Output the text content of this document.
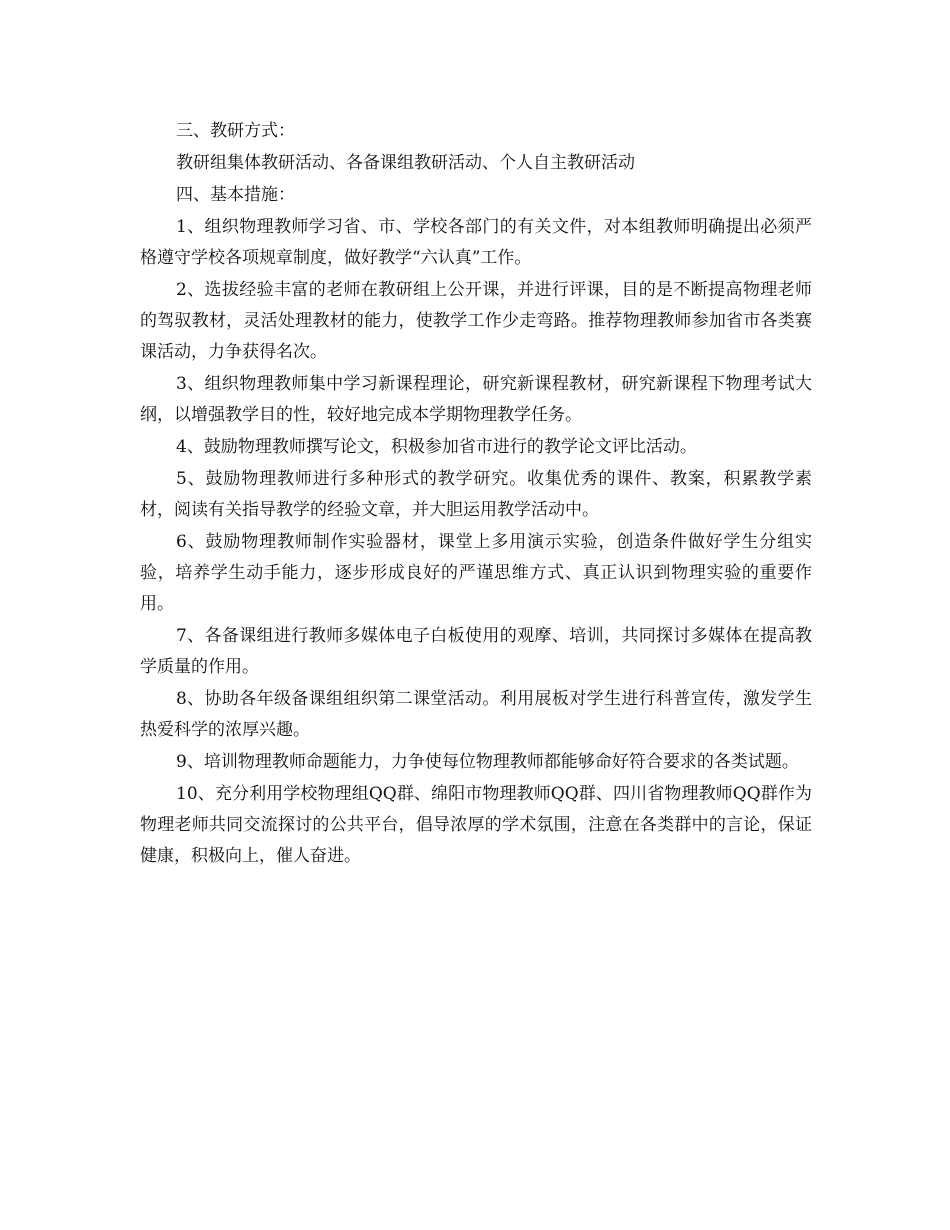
三、教研方式：

教研组集体教研活动、各备课组教研活动、个人自主教研活动

四、基本措施：

1、组织物理教师学习省、市、学校各部门的有关文件，对本组教师明确提出必须严格遵守学校各项规章制度，做好教学“六认真”工作。

2、选拔经验丰富的老师在教研组上公开课，并进行评课，目的是不断提高物理老师的驾驭教材，灵活处理教材的能力，使教学工作少走弯路。推荐物理教师参加省市各类赛课活动，力争获得名次。

3、组织物理教师集中学习新课程理论，研究新课程教材，研究新课程下物理考试大纲，以增强教学目的性，较好地完成本学期物理教学任务。

4、鼓励物理教师撰写论文，积极参加省市进行的教学论文评比活动。

5、鼓励物理教师进行多种形式的教学研究。收集优秀的课件、教案，积累教学素材，阅读有关指导教学的经验文章，并大胆运用教学活动中。

6、鼓励物理教师制作实验器材，课堂上多用演示实验，创造条件做好学生分组实验，培养学生动手能力，逐步形成良好的严谨思维方式、真正认识到物理实验的重要作用。

7、各备课组进行教师多媒体电子白板使用的观摩、培训，共同探讨多媒体在提高教学质量的作用。

8、协助各年级备课组组织第二课堂活动。利用展板对学生进行科普宣传，激发学生热爱科学的浓厚兴趣。

9、培训物理教师命题能力，力争使每位物理教师都能够命好符合要求的各类试题。

10、充分利用学校物理组QQ群、绵阳市物理教师QQ群、四川省物理教师QQ群作为物理老师共同交流探讨的公共平台，倡导浓厚的学术氛围，注意在各类群中的言论，保证健康，积极向上，催人奋进。
